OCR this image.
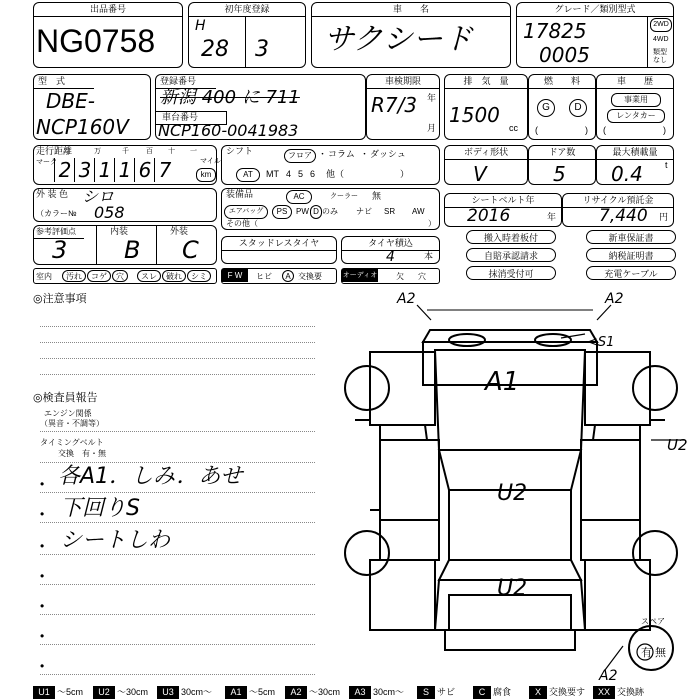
出品番号
NG0758
初年度登録
H
28 3
車　　名
サクシード
グレード／類別型式
17825
0005
2WD
4WD
類型
なし
型　式
DBE-
NCP160V
登録番号
新潟 400 に 711
車台番号
NCP160-0041983
車検期限
R7/3 年
月
排　気　量
1500
cc
燃　　料
G	D
(	)
車　　歴
事業用
レンタカー
(	)
走行距離
マーク
万	千 百 十 一
2 3 1 1 6 7	マイル
km
シフト	フロア ・ コラム ・ ダッシュ
AT	MT 4 5 6 他（	）
ボディ形状
V
ドア数
5
最大積載量
0.4 t
外 装 色 シロ
（カラー№ 058
装備品	AC	クーラー 無
エアバッグ	PS	PW D のみ ナビ SR AW
その他（	）
シートベルト年
2016	年
リサイクル預託金
7,440 円
参考評価点
3
内装
B
外装
C	スタッドレスタイヤ	タイヤ積込
4	本
搬入時着板付	新車保証書
自賠承認請求	納税証明書
抹消受付可	充電ケーブル
室内	汚れ	コゲ	穴	スレ	破れ	シミ	F W	ヒビ	A 交換要	オーディオ 欠 穴
◎注意事項
◎検査員報告
エンジン関係
（異音・不調等）
タイミングベルト
交換　有・無
•
•
•
•
•
•
•
各A1．しみ．あせ
下回りS
シートしわ
A2	A2
A1
<S1
U2
U2
U2
A2
スペア
有 無
U1 ～5cm	U2 ～30cm	U3 30cm～	A1 ～5cm	A2 ～30cm	A3 30cm～	S サビ	C 腐食	X 交換要す	XX 交換跡
